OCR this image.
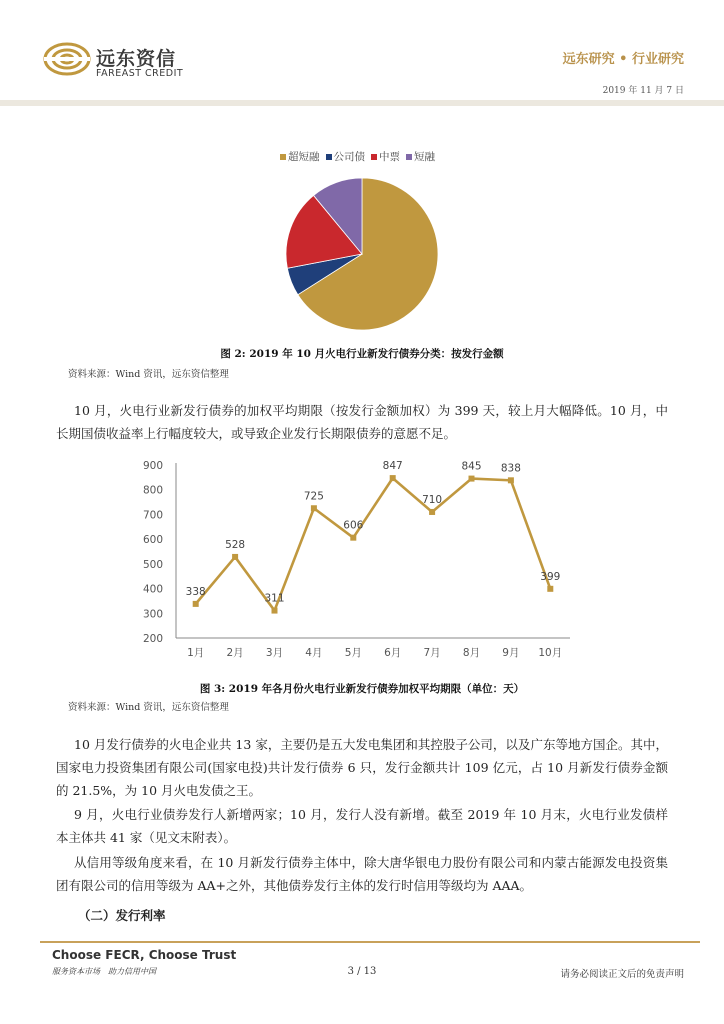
远东资信
FAREAST CREDIT
远东研究 • 行业研究
2019 年 11 月 7 日
超短融 公司债 中票 短融
图 2: 2019 年 10 月火电行业新发行债券分类：按发行金额
资料来源：Wind 资讯，远东资信整理
10 月，火电行业新发行债券的加权平均期限（按发行金额加权）为 399 天，较上月大幅降低。10 月，中长期国债收益率上行幅度较大，或导致企业发行长期限债券的意愿不足。
200
300
400
500
600
700
800
900
1月 2月 3月 4月 5月 6月 7月 8月 9月 10月
338
528
311
725
606
847
710
845 838
399
图 3: 2019 年各月份火电行业新发行债券加权平均期限（单位：天）
资料来源：Wind 资讯，远东资信整理
10 月发行债券的火电企业共 13 家，主要仍是五大发电集团和其控股子公司，以及广东等地方国企。其中，国家电力投资集团有限公司(国家电投)共计发行债券 6 只，发行金额共计 109 亿元，占 10 月新发行债券金额的 21.5%，为 10 月火电发债之王。
9 月，火电行业债券发行人新增两家；10 月，发行人没有新增。截至 2019 年 10 月末，火电行业发债样本主体共 41 家（见文末附表）。
从信用等级角度来看，在 10 月新发行债券主体中，除大唐华银电力股份有限公司和内蒙古能源发电投资集团有限公司的信用等级为 AA+之外，其他债券发行主体的发行时信用等级均为 AAA。
（二）发行利率
Choose FECR, Choose Trust
服务资本市场　助力信用中国	3 / 13	请务必阅读正文后的免责声明
